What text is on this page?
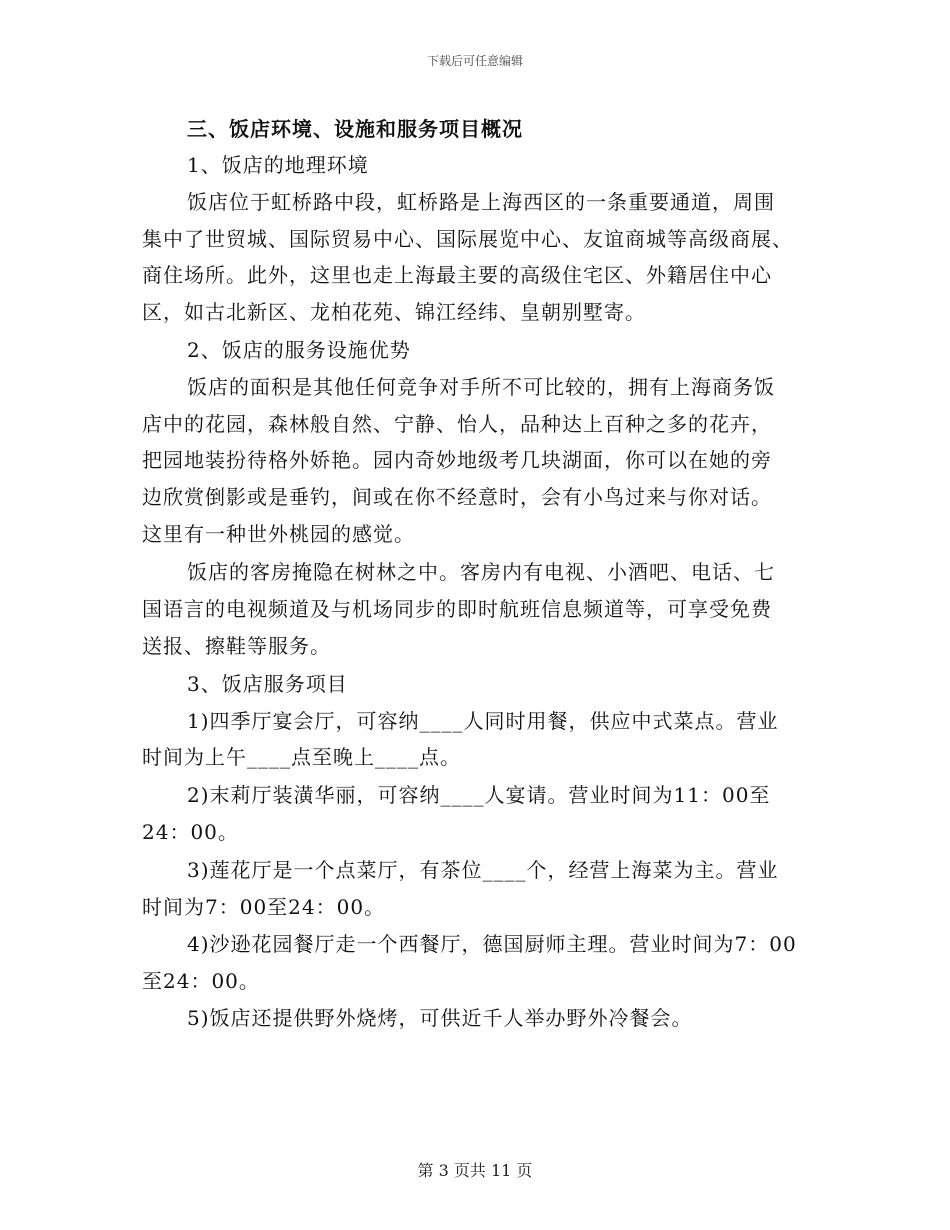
下载后可任意编辑
三、饭店环境、设施和服务项目概况
1、饭店的地理环境
饭店位于虹桥路中段，虹桥路是上海西区的一条重要通道，周围
集中了世贸城、国际贸易中心、国际展览中心、友谊商城等高级商展、
商住场所。此外，这里也走上海最主要的高级住宅区、外籍居住中心
区，如古北新区、龙柏花苑、锦江经纬、皇朝别墅寄。
2、饭店的服务设施优势
饭店的面积是其他任何竞争对手所不可比较的，拥有上海商务饭
店中的花园，森林般自然、宁静、怡人，品种达上百种之多的花卉，
把园地装扮待格外娇艳。园内奇妙地级考几块湖面，你可以在她的旁
边欣赏倒影或是垂钓，间或在你不经意时，会有小鸟过来与你对话。
这里有一种世外桃园的感觉。
饭店的客房掩隐在树林之中。客房内有电视、小酒吧、电话、七
国语言的电视频道及与机场同步的即时航班信息频道等，可享受免费
送报、擦鞋等服务。
3、饭店服务项目
1)四季厅宴会厅，可容纳____人同时用餐，供应中式菜点。营业
时间为上午____点至晚上____点。
2)末莉厅装潢华丽，可容纳____人宴请。营业时间为11：00至
24：00。
3)莲花厅是一个点菜厅，有茶位____个，经营上海菜为主。营业
时间为7：00至24：00。
4)沙逊花园餐厅走一个西餐厅，德国厨师主理。营业时间为7：00
至24：00。
5)饭店还提供野外烧烤，可供近千人举办野外冷餐会。
第 3 页共 11 页
